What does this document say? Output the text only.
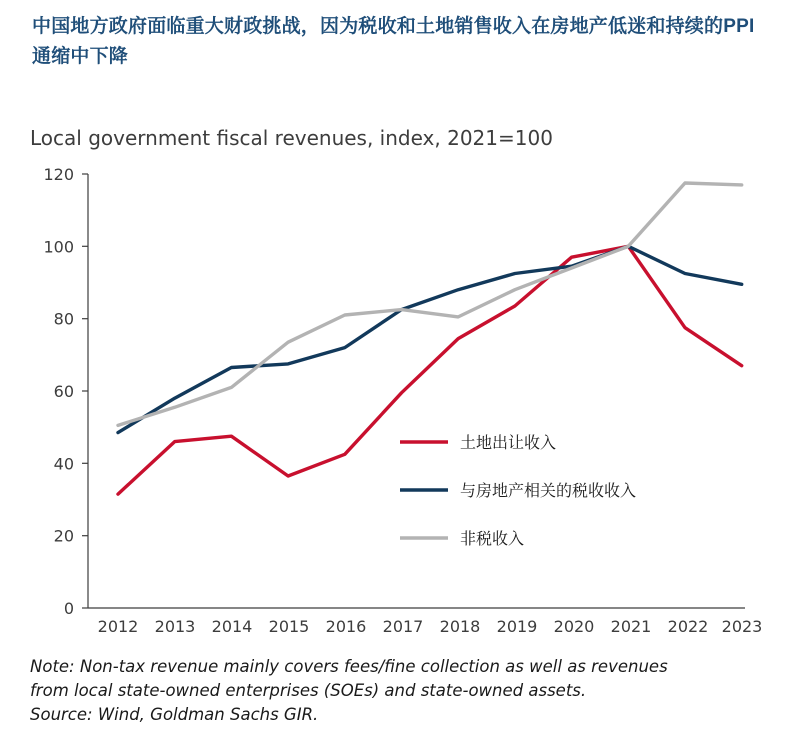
中国地方政府面临重大财政挑战，因为税收和土地销售收入在房地产低迷和持续的PPI通缩中下降
Local government fiscal revenues, index, 2021=100
0
20
40
60
80
100
120
2012 2013 2014 2015 2016 2017 2018 2019 2020 2021 2022 2023
土地出让收入
与房地产相关的税收收入
非税收入
Note: Non-tax revenue mainly covers fees/fine collection as well as revenues
from local state-owned enterprises (SOEs) and state-owned assets.
Source: Wind, Goldman Sachs GIR.
